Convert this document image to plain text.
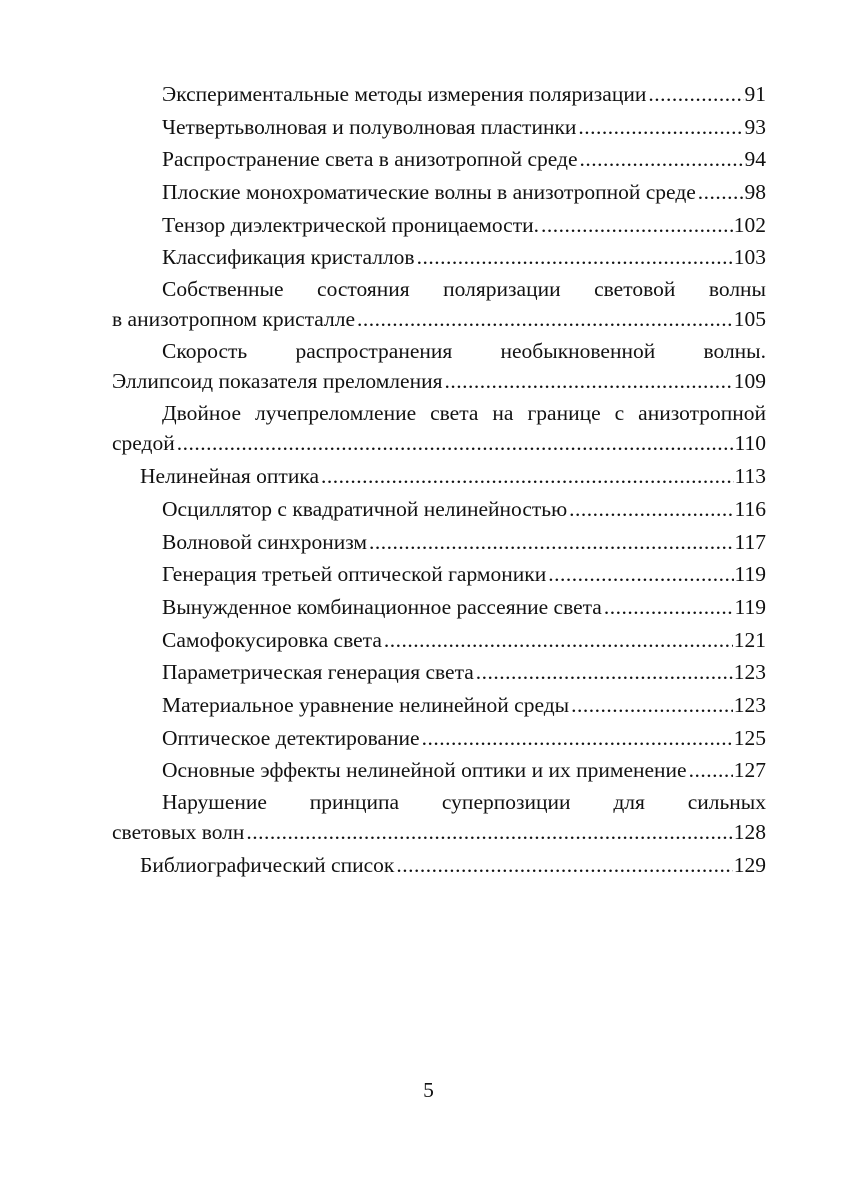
Экспериментальные методы измерения поляризации .....	91
Четвертьволновая и полуволновая пластинки .....	93
Распространение света в анизотропной среде .....	94
Плоские монохроматические волны в анизотропной среде ..... 98
Тензор диэлектрической проницаемости. .....	102
Классификация кристаллов .....	103
Собственные состояния поляризации световой волны
в анизотропном кристалле .....	105
Скорость распространения необыкновенной волны.
Эллипсоид показателя преломления .....	109
Двойное лучепреломление света на границе с анизотропной
средой .....	110
Нелинейная оптика .....	113
Осциллятор с квадратичной нелинейностью .....	116
Волновой синхронизм .....	117
Генерация третьей оптической гармоники .....	119
Вынужденное комбинационное рассеяние света .....	119
Самофокусировка света .....	121
Параметрическая генерация света .....	123
Материальное уравнение нелинейной среды .....	123
Оптическое детектирование .....	125
Основные эффекты нелинейной оптики и их применение ..... 127
Нарушение принципа суперпозиции для сильных
световых волн .....	128
Библиографический список .....	129
5
